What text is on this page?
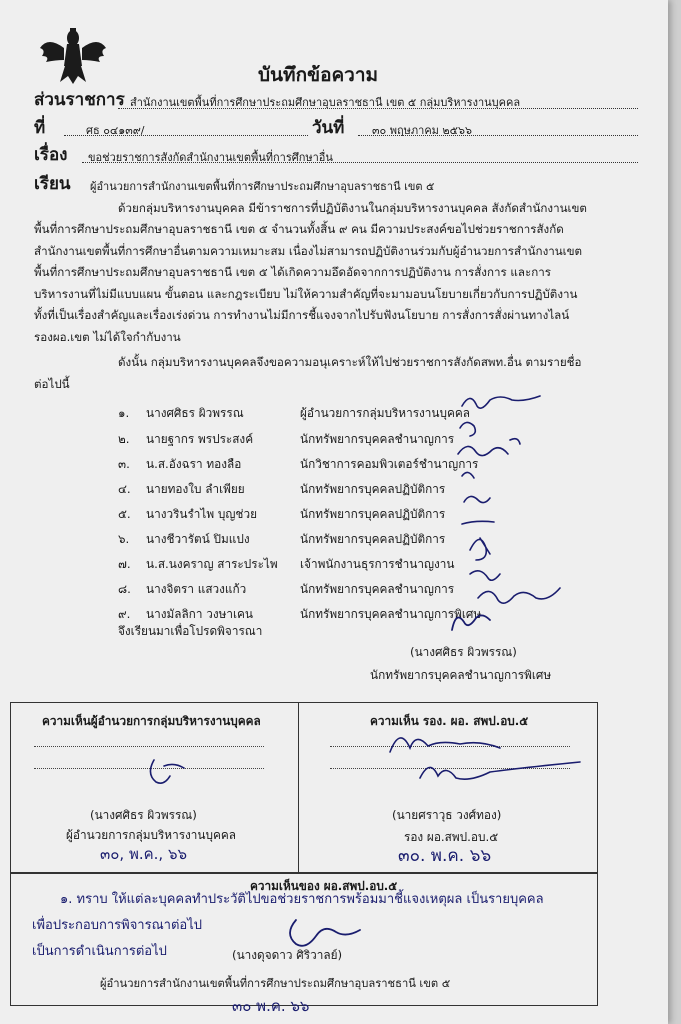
บันทึกข้อความ
ส่วนราชการ สำนักงานเขตพื้นที่การศึกษาประถมศึกษาอุบลราชธานี เขต ๕ กลุ่มบริหารงานบุคคล
ที่	ศธ ๐๔๑๓๙/	วันที่	๓๐ พฤษภาคม ๒๕๖๖
เรื่อง ขอช่วยราชการสังกัดสำนักงานเขตพื้นที่การศึกษาอื่น
เรียน ผู้อำนวยการสำนักงานเขตพื้นที่การศึกษาประถมศึกษาอุบลราชธานี เขต ๕
ด้วยกลุ่มบริหารงานบุคคล มีข้าราชการที่ปฏิบัติงานในกลุ่มบริหารงานบุคคล สังกัดสำนักงานเขต
พื้นที่การศึกษาประถมศึกษาอุบลราชธานี เขต ๕ จำนวนทั้งสิ้น ๙ คน มีความประสงค์ขอไปช่วยราชการสังกัด
สำนักงานเขตพื้นที่การศึกษาอื่นตามความเหมาะสม เนื่องไม่สามารถปฏิบัติงานร่วมกับผู้อำนวยการสำนักงานเขต
พื้นที่การศึกษาประถมศึกษาอุบลราชธานี เขต ๕ ได้เกิดความอึดอัดจากการปฏิบัติงาน การสั่งการ และการ
บริหารงานที่ไม่มีแบบแผน ขั้นตอน และกฎระเบียบ ไม่ให้ความสำคัญที่จะมามอบนโยบายเกี่ยวกับการปฏิบัติงาน
ทั้งที่เป็นเรื่องสำคัญและเรื่องเร่งด่วน การทำงานไม่มีการชี้แจงจากไปรับฟังนโยบาย การสั่งการสั่งผ่านทางไลน์
รองผอ.เขต ไม่ได้ใจกำกับงาน
ดังนั้น กลุ่มบริหารงานบุคคลจึงขอความอนุเคราะห์ให้ไปช่วยราชการสังกัดสพท.อื่น ตามรายชื่อ
ต่อไปนี้
๑. นางศศิธร ผิวพรรณ	ผู้อำนวยการกลุ่มบริหารงานบุคคล
๒. นายฐากร พรประสงค์	นักทรัพยากรบุคคลชำนาญการ
๓. น.ส.อังฉรา ทองลือ	นักวิชาการคอมพิวเตอร์ชำนาญการ
๔. นายทองใบ ลำเพียย	นักทรัพยากรบุคคลปฏิบัติการ
๕. นางวรินรำไพ บุญช่วย	นักทรัพยากรบุคคลปฏิบัติการ
๖. นางชีวารัตน์ ปิมแปง	นักทรัพยากรบุคคลปฏิบัติการ
๗. น.ส.นงคราญ สาระประไพ เจ้าพนักงานธุรการชำนาญงาน
๘. นางจิตรา แสวงแก้ว	นักทรัพยากรบุคคลชำนาญการ
๙. นางมัลลิกา วงษาเคน	นักทรัพยากรบุคคลชำนาญการพิเศษ
จึงเรียนมาเพื่อโปรดพิจารณา
(นางศศิธร ผิวพรรณ)
นักทรัพยากรบุคคลชำนาญการพิเศษ
ความเห็นผู้อำนวยการกลุ่มบริหารงานบุคคล
(นางศศิธร ผิวพรรณ)
ผู้อำนวยการกลุ่มบริหารงานบุคคล
๓๐, พ.ค., ๖๖
ความเห็น รอง. ผอ. สพป.อบ.๕
(นายศราวุธ วงศ์ทอง)
รอง ผอ.สพป.อบ.๕
๓๐. พ.ค. ๖๖
ความเห็นของ ผอ.สพป.อบ.๕
๑. ทราบ ให้แต่ละบุคคลทำประวัติไปขอช่วยราชการพร้อมมาชี้แจงเหตุผล เป็นรายบุคคล
เพื่อประกอบการพิจารณาต่อไป
เป็นการดำเนินการต่อไป	(นางดุจดาว ศิริวาลย์)
ผู้อำนวยการสำนักงานเขตพื้นที่การศึกษาประถมศึกษาอุบลราชธานี เขต ๕
๓๐ พ.ค. ๖๖
